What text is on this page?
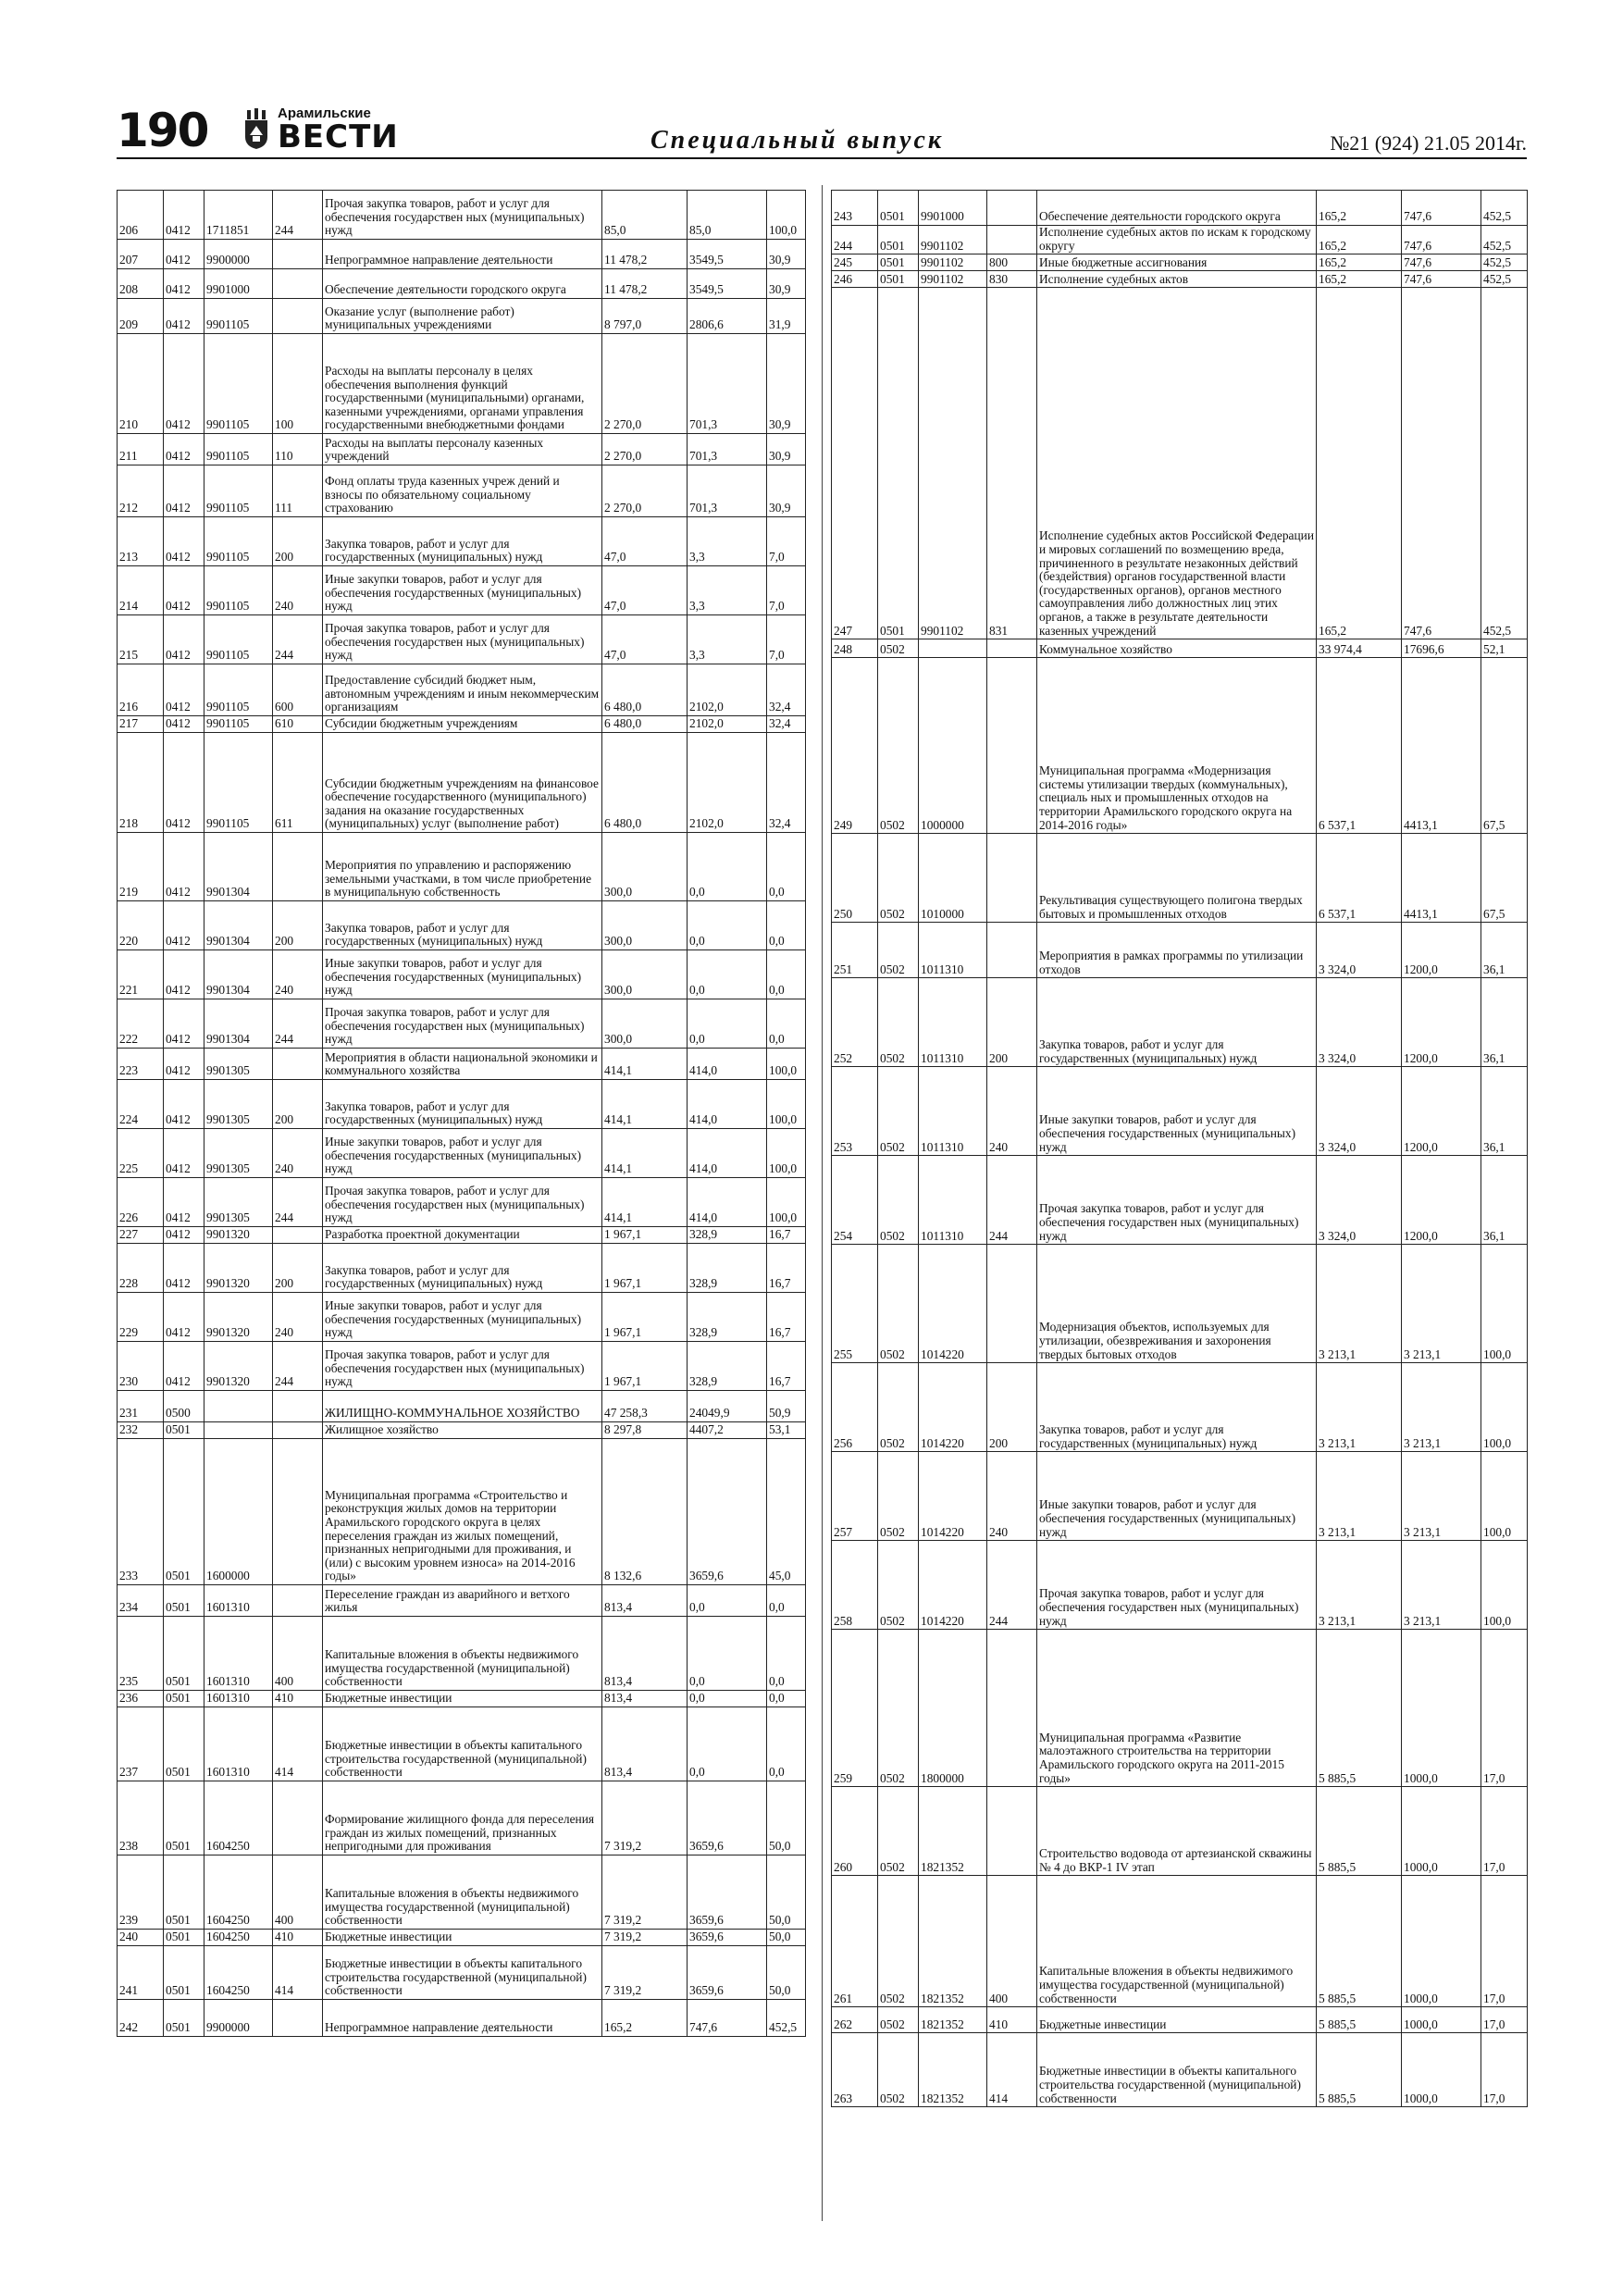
190	Арамильские
ВЕСТИ	Специальный выпуск	№21 (924) 21.05 2014г.
206	0412	1711851	244	Прочая закупка товаров, работ и услуг для обеспечения государствен ных (муниципальных) нужд	85,0	85,0	100,0
207	0412	9900000		Непрограммное направление деятельности	11 478,2	3549,5	30,9
208	0412	9901000		Обеспечение деятельности городского округа	11 478,2	3549,5	30,9
209	0412	9901105		Оказание услуг (выполнение работ) муниципальных учреждениями	8 797,0	2806,6	31,9
210	0412	9901105	100	Расходы на выплаты персоналу в целях обеспечения выполнения функций государственными (муниципальными) органами, казенными учреждениями, органами управления государственными внебюджетными фондами	2 270,0	701,3	30,9
211	0412	9901105	110	Расходы на выплаты персоналу казенных учреждений	2 270,0	701,3	30,9
212	0412	9901105	111	Фонд оплаты труда казенных учреж дений и взносы по обязательному социальному страхованию	2 270,0	701,3	30,9
213	0412	9901105	200	Закупка товаров, работ и услуг для государственных (муниципальных) нужд	47,0	3,3	7,0
214	0412	9901105	240	Иные закупки товаров, работ и услуг для обеспечения государственных (муниципальных) нужд	47,0	3,3	7,0
215	0412	9901105	244	Прочая закупка товаров, работ и услуг для обеспечения государствен ных (муниципальных) нужд	47,0	3,3	7,0
216	0412	9901105	600	Предоставление субсидий бюджет ным, автономным учреждениям и иным некоммерческим организациям	6 480,0	2102,0	32,4
217	0412	9901105	610	Субсидии бюджетным учреждениям	6 480,0	2102,0	32,4
218	0412	9901105	611	Субсидии бюджетным учреждениям на финансовое обеспечение государственного (муниципального) задания на оказание государственных (муниципальных) услуг (выполнение работ)	6 480,0	2102,0	32,4
219	0412	9901304		Мероприятия по управлению и распоряжению земельными участками, в том числе приобретение в муниципальную собственность	300,0	0,0	0,0
220	0412	9901304	200	Закупка товаров, работ и услуг для государственных (муниципальных) нужд	300,0	0,0	0,0
221	0412	9901304	240	Иные закупки товаров, работ и услуг для обеспечения государственных (муниципальных) нужд	300,0	0,0	0,0
222	0412	9901304	244	Прочая закупка товаров, работ и услуг для обеспечения государствен ных (муниципальных) нужд	300,0	0,0	0,0
223	0412	9901305		Мероприятия в области национальной экономики и коммунального хозяйства	414,1	414,0	100,0
224	0412	9901305	200	Закупка товаров, работ и услуг для государственных (муниципальных) нужд	414,1	414,0	100,0
225	0412	9901305	240	Иные закупки товаров, работ и услуг для обеспечения государственных (муниципальных) нужд	414,1	414,0	100,0
226	0412	9901305	244	Прочая закупка товаров, работ и услуг для обеспечения государствен ных (муниципальных) нужд	414,1	414,0	100,0
227	0412	9901320		Разработка проектной документации	1 967,1	328,9	16,7
228	0412	9901320	200	Закупка товаров, работ и услуг для государственных (муниципальных) нужд	1 967,1	328,9	16,7
229	0412	9901320	240	Иные закупки товаров, работ и услуг для обеспечения государственных (муниципальных) нужд	1 967,1	328,9	16,7
230	0412	9901320	244	Прочая закупка товаров, работ и услуг для обеспечения государствен ных (муниципальных) нужд	1 967,1	328,9	16,7
231	0500			ЖИЛИЩНО-КОММУНАЛЬНОЕ ХОЗЯЙСТВО	47 258,3	24049,9	50,9
232	0501			Жилищное хозяйство	8 297,8	4407,2	53,1
233	0501	1600000		Муниципальная программа «Строительство и реконструкция жилых домов на территории Арамильского городского округа в целях переселения граждан из жилых помещений, признанных непригодными для проживания, и (или) с высоким уровнем износа» на 2014-2016 годы»	8 132,6	3659,6	45,0
234	0501	1601310		Переселение граждан из аварийного и ветхого жилья	813,4	0,0	0,0
235	0501	1601310	400	Капитальные вложения в объекты недвижимого имущества государственной (муниципальной) собственности	813,4	0,0	0,0
236	0501	1601310	410	Бюджетные инвестиции	813,4	0,0	0,0
237	0501	1601310	414	Бюджетные инвестиции в объекты капитального строительства государственной (муниципальной) собственности	813,4	0,0	0,0
238	0501	1604250		Формирование жилищного фонда для переселения граждан из жилых помещений, признанных непригодными для проживания	7 319,2	3659,6	50,0
239	0501	1604250	400	Капитальные вложения в объекты недвижимого имущества государственной (муниципальной) собственности	7 319,2	3659,6	50,0
240	0501	1604250	410	Бюджетные инвестиции	7 319,2	3659,6	50,0
241	0501	1604250	414	Бюджетные инвестиции в объекты капитального строительства государственной (муниципальной) собственности	7 319,2	3659,6	50,0
242	0501	9900000		Непрограммное направление деятельности	165,2	747,6	452,5
243	0501	9901000		Обеспечение деятельности городского округа	165,2	747,6	452,5
244	0501	9901102		Исполнение судебных актов по искам к городскому округу	165,2	747,6	452,5
245	0501	9901102	800	Иные бюджетные ассигнования	165,2	747,6	452,5
246	0501	9901102	830	Исполнение судебных актов	165,2	747,6	452,5
247	0501	9901102	831	Исполнение судебных актов Российской Федерации и мировых соглашений по возмещению вреда, причиненного в результате незаконных действий (бездействия) органов государственной власти (государственных органов), органов местного самоуправления либо должностных лиц этих органов, а также в результате деятельности казенных учреждений	165,2	747,6	452,5
248	0502			Коммунальное хозяйство	33 974,4	17696,6	52,1
249	0502	1000000		Муниципальная программа «Модернизация системы утилизации твердых (коммунальных), специаль ных и промышленных отходов на территории Арамильского городского округа на 2014-2016 годы»	6 537,1	4413,1	67,5
250	0502	1010000		Рекультивация существующего полигона твердых бытовых и промышленных отходов	6 537,1	4413,1	67,5
251	0502	1011310		Мероприятия в рамках программы по утилизации отходов	3 324,0	1200,0	36,1
252	0502	1011310	200	Закупка товаров, работ и услуг для государственных (муниципальных) нужд	3 324,0	1200,0	36,1
253	0502	1011310	240	Иные закупки товаров, работ и услуг для обеспечения государственных (муниципальных) нужд	3 324,0	1200,0	36,1
254	0502	1011310	244	Прочая закупка товаров, работ и услуг для обеспечения государствен ных (муниципальных) нужд	3 324,0	1200,0	36,1
255	0502	1014220		Модернизация объектов, используемых для утилизации, обезвреживания и захоронения твердых бытовых отходов	3 213,1	3 213,1	100,0
256	0502	1014220	200	Закупка товаров, работ и услуг для государственных (муниципальных) нужд	3 213,1	3 213,1	100,0
257	0502	1014220	240	Иные закупки товаров, работ и услуг для обеспечения государственных (муниципальных) нужд	3 213,1	3 213,1	100,0
258	0502	1014220	244	Прочая закупка товаров, работ и услуг для обеспечения государствен ных (муниципальных) нужд	3 213,1	3 213,1	100,0
259	0502	1800000		Муниципальная программа «Развитие малоэтажного строительства на территории Арамильского городского округа на 2011-2015 годы»	5 885,5	1000,0	17,0
260	0502	1821352		Строительство водовода от артезианской скважины № 4 до ВКР-1 IV этап	5 885,5	1000,0	17,0
261	0502	1821352	400	Капитальные вложения в объекты недвижимого имущества государственной (муниципальной) собственности	5 885,5	1000,0	17,0
262	0502	1821352	410	Бюджетные инвестиции	5 885,5	1000,0	17,0
263	0502	1821352	414	Бюджетные инвестиции в объекты капитального строительства государственной (муниципальной) собственности	5 885,5	1000,0	17,0
